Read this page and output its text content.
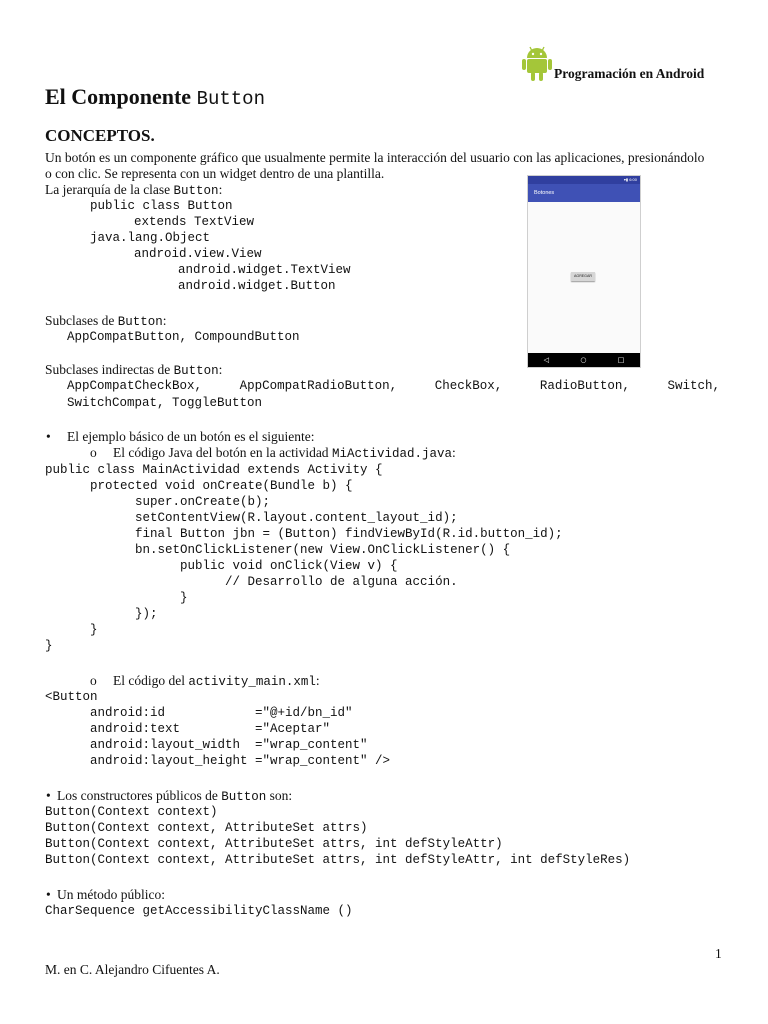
Programación en Android
El Componente Button
CONCEPTOS.
Un botón es un componente gráfico que usualmente permite la interacción del usuario con las aplicaciones, presionándolo
o con clic. Se representa con un widget dentro de una plantilla.
La jerarquía de la clase Button:
public class Button
extends TextView
java.lang.Object
android.view.View
android.widget.TextView
android.widget.Button
▾▮ 6:00
Botones
AGREGAR
◁	○	□
Subclases de Button:
AppCompatButton, CompoundButton
Subclases indirectas de Button:
AppCompatCheckBox,	AppCompatRadioButton,	CheckBox,	RadioButton,	Switch,
SwitchCompat, ToggleButton
• El ejemplo básico de un botón es el siguiente:
o El código Java del botón en la actividad MiActividad.java:
public class MainActividad extends Activity {
protected void onCreate(Bundle b) {
super.onCreate(b);
setContentView(R.layout.content_layout_id);
final Button jbn = (Button) findViewById(R.id.button_id);
bn.setOnClickListener(new View.OnClickListener() {
public void onClick(View v) {
// Desarrollo de alguna acción.
}
});
}
}
o El código del activity_main.xml:
<Button
android:id            ="@+id/bn_id"
android:text          ="Aceptar"
android:layout_width  ="wrap_content"
android:layout_height ="wrap_content" />
• Los constructores públicos de Button son:
Button(Context context)
Button(Context context, AttributeSet attrs)
Button(Context context, AttributeSet attrs, int defStyleAttr)
Button(Context context, AttributeSet attrs, int defStyleAttr, int defStyleRes)
• Un método público:
CharSequence getAccessibilityClassName ()
1
M. en C. Alejandro Cifuentes A.
